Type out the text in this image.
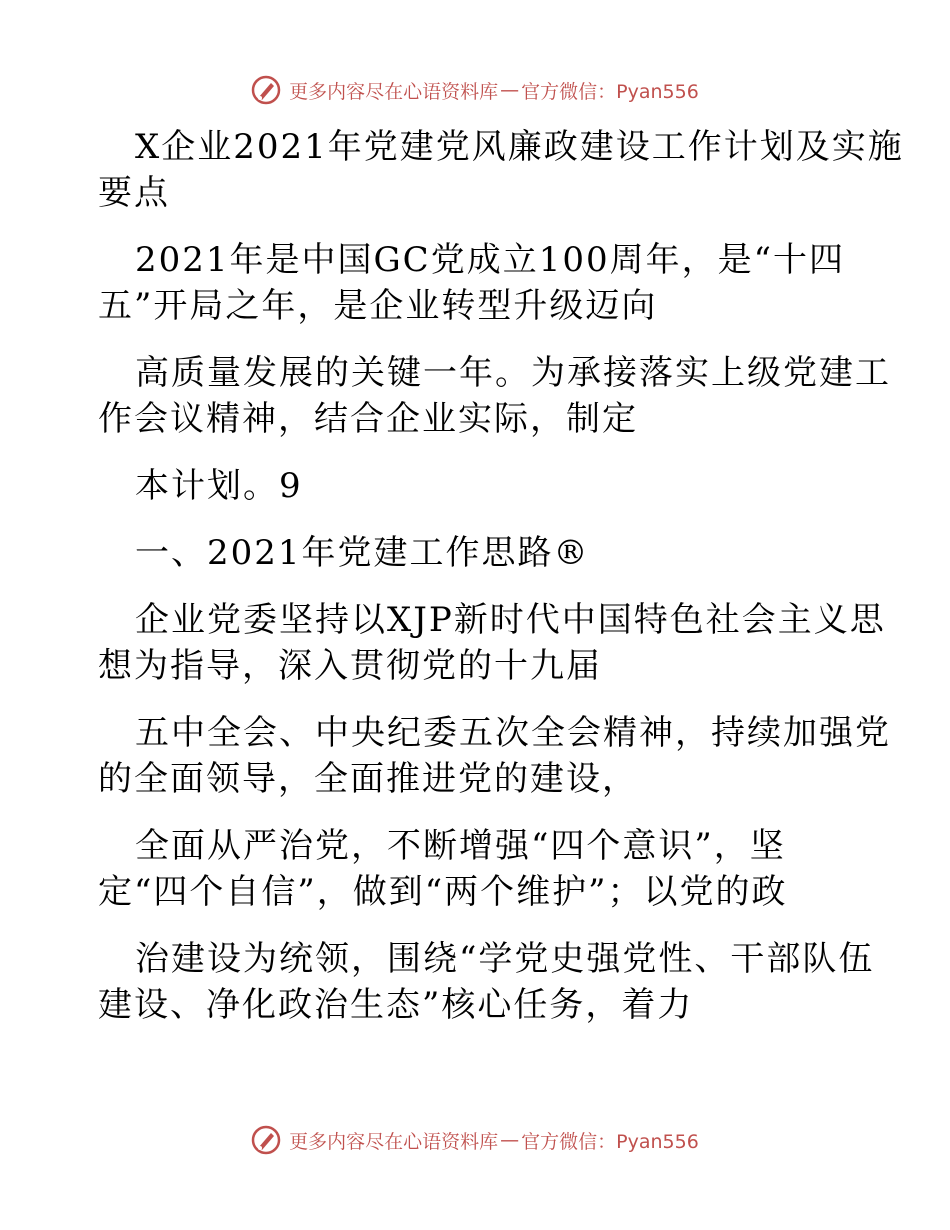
更多内容尽在心语资料库 — 官方微信：Pyan556
X企业2021年党建党风廉政建设工作计划及实施
要点
2021年是中国GC党成立100周年，是“十四
五”开局之年，是企业转型升级迈向
高质量发展的关键一年。为承接落实上级党建工
作会议精神，结合企业实际，制定
本计划。9
一、2021年党建工作思路®
企业党委坚持以XJP新时代中国特色社会主义思
想为指导，深入贯彻党的十九届
五中全会、中央纪委五次全会精神，持续加强党
的全面领导，全面推进党的建设，
全面从严治党，不断增强“四个意识”，坚
定“四个自信”，做到“两个维护”；以党的政
治建设为统领，围绕“学党史强党性、干部队伍
建设、净化政治生态”核心任务，着力
更多内容尽在心语资料库 — 官方微信：Pyan556
